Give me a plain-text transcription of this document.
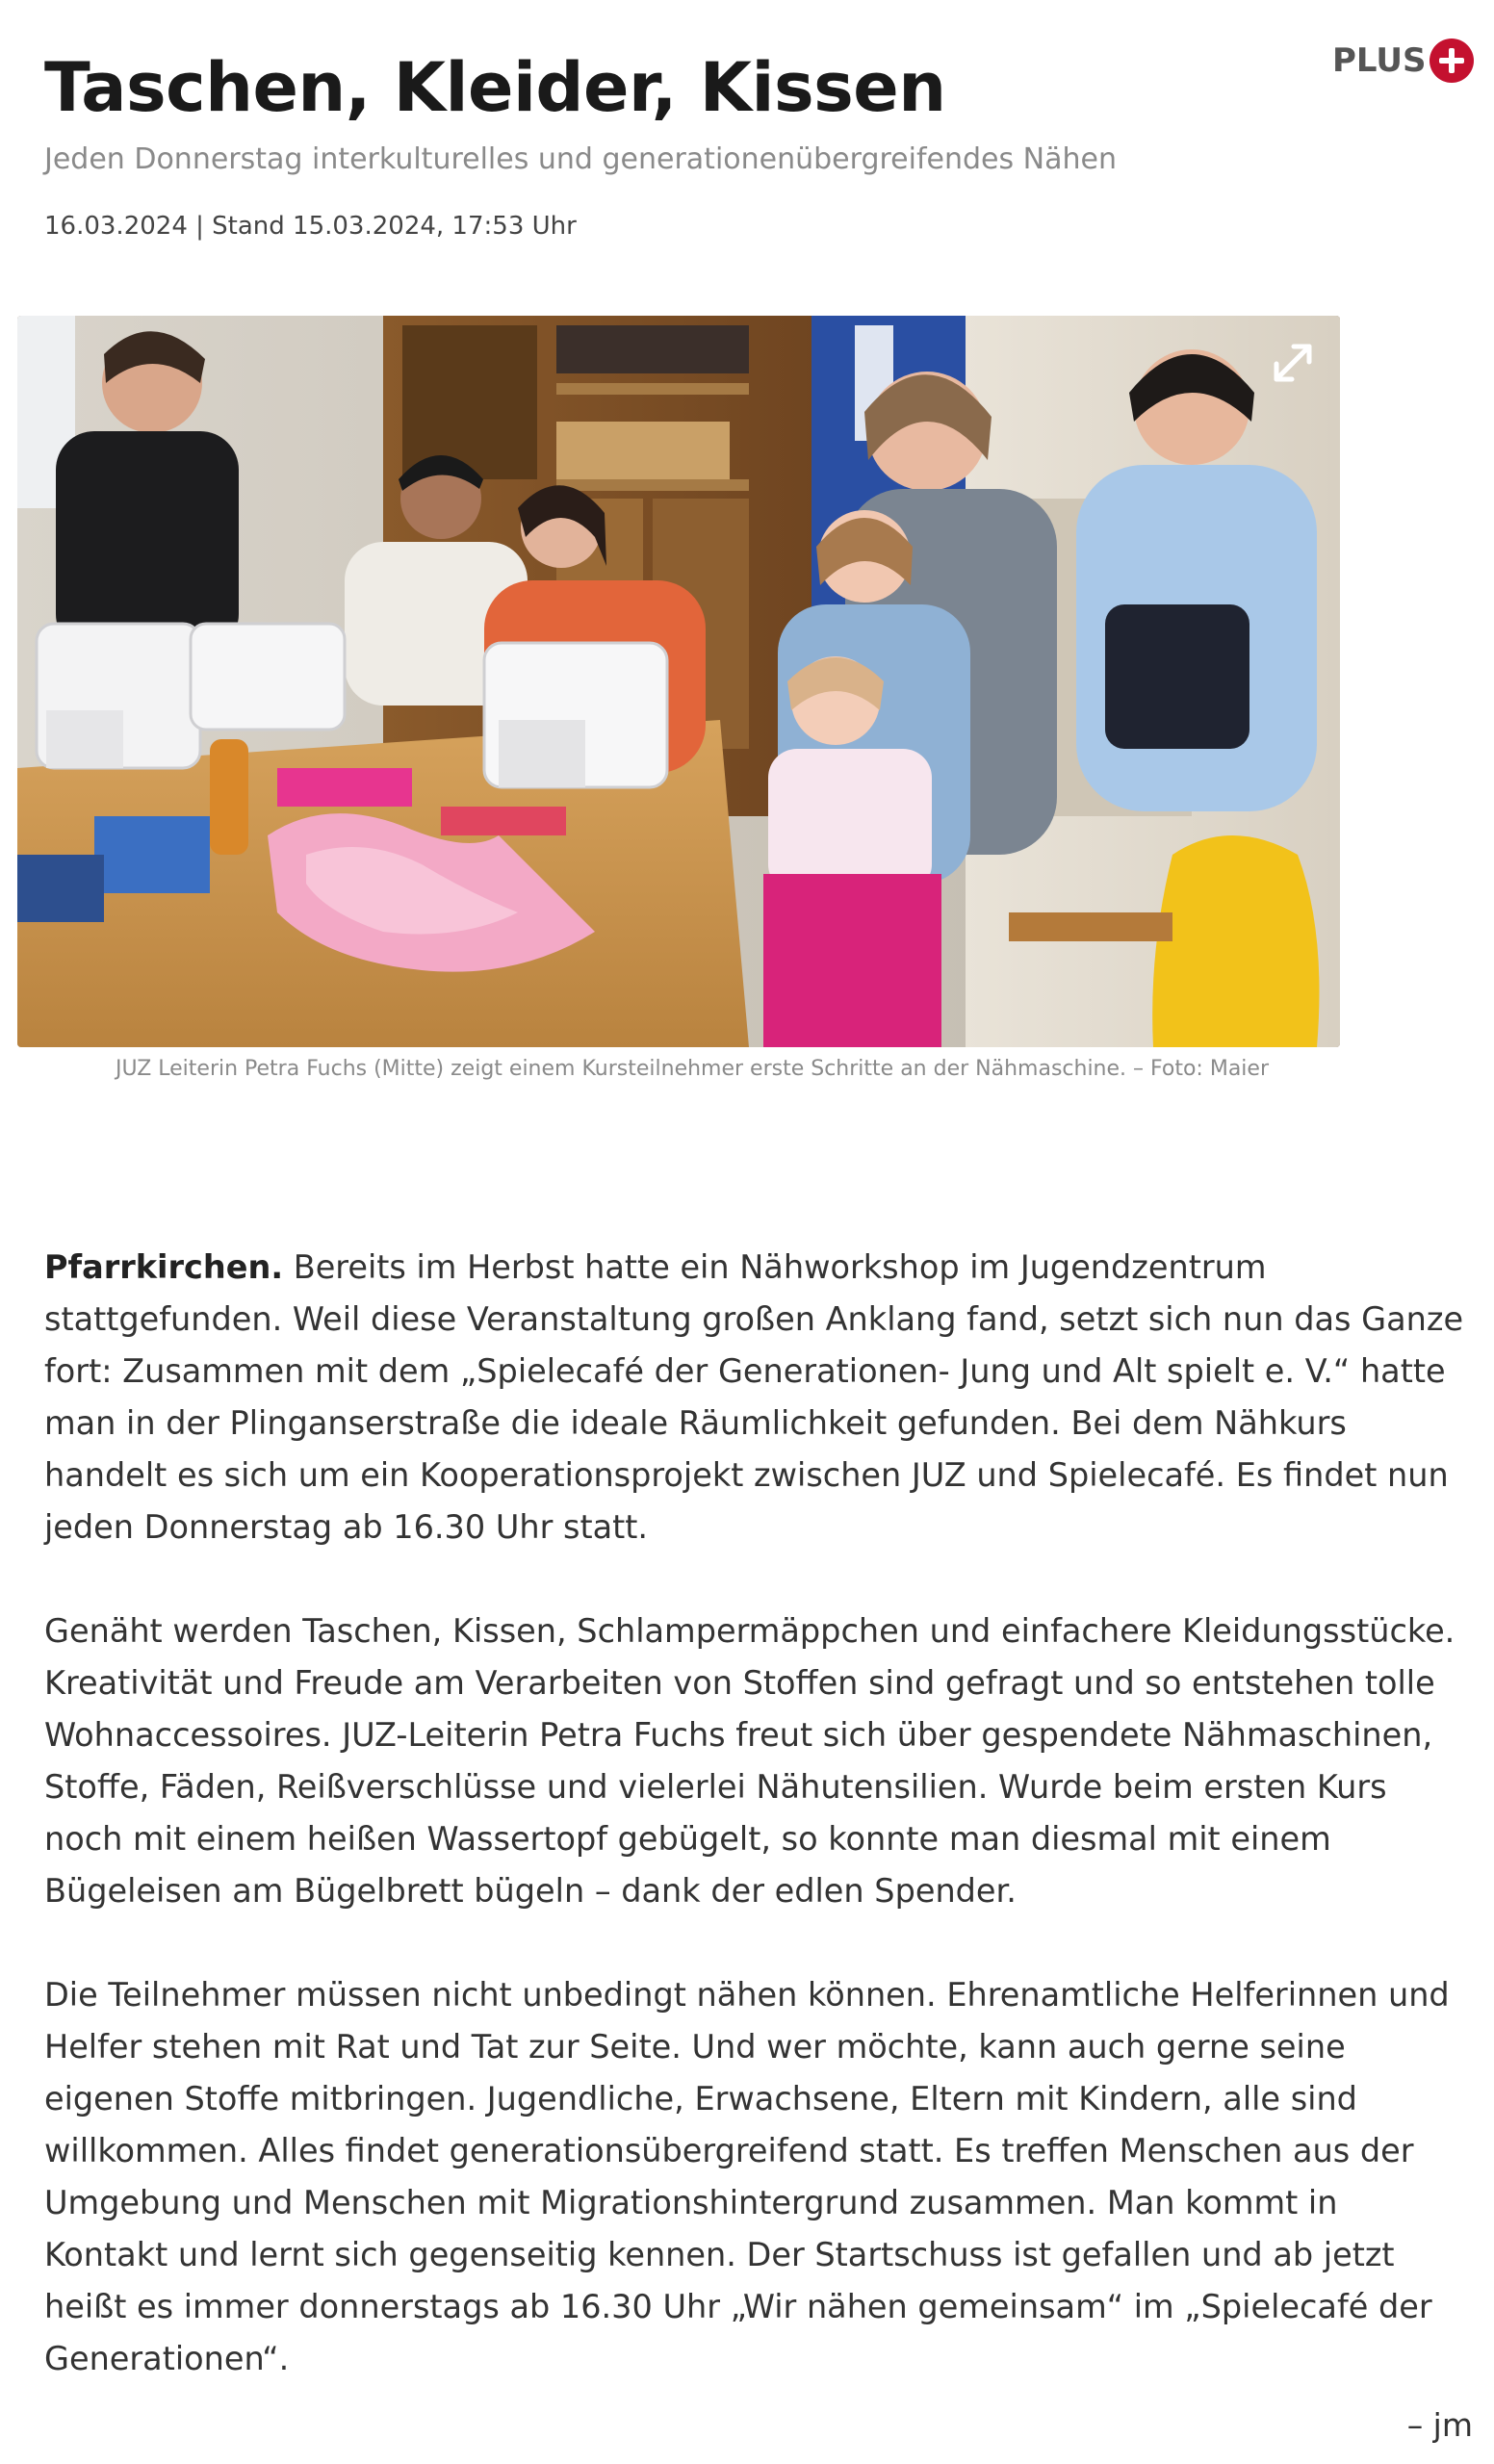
Taschen, Kleider, Kissen
Jeden Donnerstag interkulturelles und generationenübergreifendes Nähen
16.03.2024 | Stand 15.03.2024, 17:53 Uhr
PLUS
JUZ Leiterin Petra Fuchs (Mitte) zeigt einem Kursteilnehmer erste Schritte an der Nähmaschine. – Foto: Maier

Pfarrkirchen. Bereits im Herbst hatte ein Nähworkshop im Jugendzentrum stattgefunden. Weil diese Veranstaltung großen Anklang fand, setzt sich nun das Ganze fort: Zusammen mit dem „Spielecafé der Generationen- Jung und Alt spielt e. V.“ hatte man in der Plinganserstraße die ideale Räumlichkeit gefunden. Bei dem Nähkurs handelt es sich um ein Kooperationsprojekt zwischen JUZ und Spielecafé. Es findet nun jeden Donnerstag ab 16.30 Uhr statt.

Genäht werden Taschen, Kissen, Schlampermäppchen und einfachere Kleidungsstücke. Kreativität und Freude am Verarbeiten von Stoffen sind gefragt und so entstehen tolle Wohnaccessoires. JUZ-Leiterin Petra Fuchs freut sich über gespendete Nähmaschinen, Stoffe, Fäden, Reißverschlüsse und vielerlei Nähutensilien. Wurde beim ersten Kurs noch mit einem heißen Wassertopf gebügelt, so konnte man diesmal mit einem Bügeleisen am Bügelbrett bügeln – dank der edlen Spender.

Die Teilnehmer müssen nicht unbedingt nähen können. Ehrenamtliche Helferinnen und Helfer stehen mit Rat und Tat zur Seite. Und wer möchte, kann auch gerne seine eigenen Stoffe mitbringen. Jugendliche, Erwachsene, Eltern mit Kindern, alle sind willkommen. Alles findet generationsübergreifend statt. Es treffen Menschen aus der Umgebung und Menschen mit Migrationshintergrund zusammen. Man kommt in Kontakt und lernt sich gegenseitig kennen. Der Startschuss ist gefallen und ab jetzt heißt es immer donnerstags ab 16.30 Uhr „Wir nähen gemeinsam“ im „Spielecafé der Generationen“.

– jm
